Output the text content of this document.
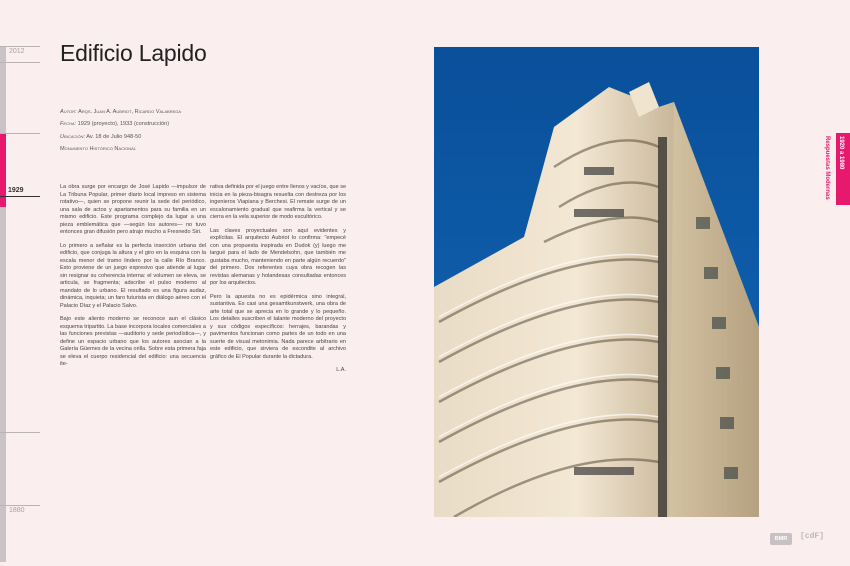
2012
1929
1880
Edificio Lapido
Autor: Arqs. Juan A. Aubriot, Ricardo Valabrega
Fecha: 1929 (proyecto), 1933 (construcción)
Ubicación: Av. 18 de Julio 948-50
Monumento Histórico Nacional

La obra surge por encargo de José Lapido —impulsor de La Tribuna Popular, primer diario local impreso en sistema rotativo—, quien se propone reunir la sede del periódico, una sala de actos y apartamentos para su familia en un mismo edificio. Este programa complejo da lugar a una pieza emblemática que —según los autores— no tuvo entonces gran difusión pero atrajo mucho a Fresnedo Siri.

Lo primero a señalar es la perfecta inserción urbana del edificio, que conjuga la altura y el giro en la esquina con la escala menor del tramo lindero por la calle Río Branco. Esto proviene de un juego expresivo que atiende al lugar sin resignar su coherencia interna: el volumen se eleva, se articula, se fragmenta; adscribe el pulso moderno al mandato de lo urbano. El resultado es una figura audaz, dinámica, inquieta; un faro futurista en diálogo aéreo con el Palacio Díaz y el Palacio Salvo.

Bajo este aliento moderno se reconoce aun el clásico esquema tripartito. La base incorpora locales comerciales a las funciones previstas —auditorio y sede periodística—, y define un espacio urbano que los autores asocian a la Galería Güemes de la vecina orilla. Sobre esta primera faja se eleva el cuerpo residencial del edificio: una secuencia ite-

rativa definida por el juego entre llenos y vacíos, que se inicia en la pieza-bisagra resuelta con destreza por los ingenieros Viapiana y Berchesi. El remate surge de un escalonamiento gradual que reafirma la vertical y se cierra en la vela superior de modo escultórico.

Las claves proyectuales son aquí evidentes y explícitas. El arquitecto Aubriot lo confirma: "empecé con una propuesta inspirada en Dudok (y) luego me largué para el lado de Mendelsohn, que también me gustaba mucho, manteniendo en parte algún recuerdo" del primero. Dos referentes cuya obra recogen las revistas alemanas y holandesas consultadas entonces por los arquitectos.

Pero la apuesta no es epidérmica sino integral, sustantiva. Es casi una gesamtkunstwerk, una obra de arte total que se aprecia en lo grande y lo pequeño. Los detalles suscriben el talante moderno del proyecto y sus códigos específicos: herrajes, barandas y pavimentos funcionan como partes de un todo en una suerte de visual metonimia. Nada parece arbitrario en este edificio, que sirviera de escondite al archivo gráfico de El Popular durante la dictadura.

L.A.
1920 a 1980
Respuestas Modernas
BMR	[cdF]
